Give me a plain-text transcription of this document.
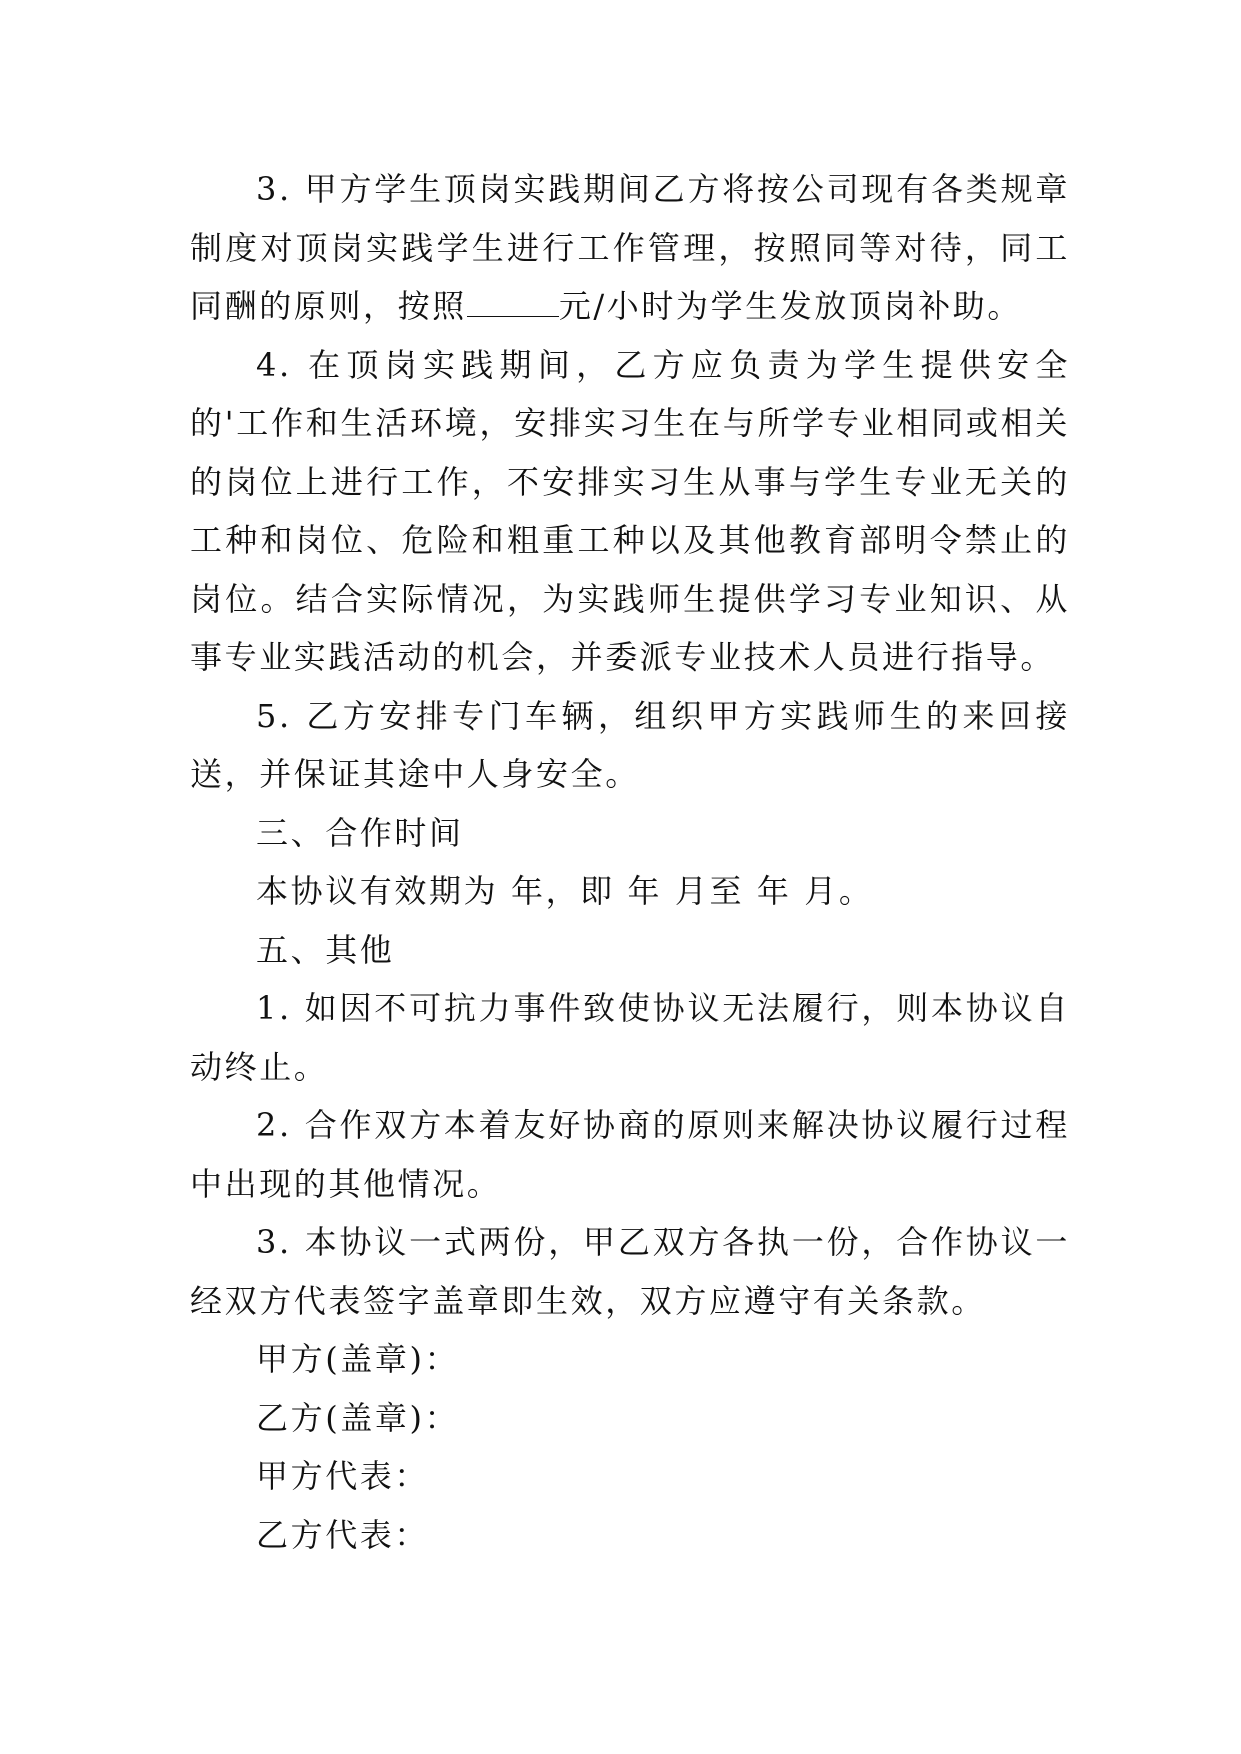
3. 甲方学生顶岗实践期间乙方将按公司现有各类规章制度对顶岗实践学生进行工作管理，按照同等对待，同工同酬的原则，按照	元/小时为学生发放顶岗补助。

4. 在顶岗实践期间，乙方应负责为学生提供安全的'工作和生活环境，安排实习生在与所学专业相同或相关的岗位上进行工作，不安排实习生从事与学生专业无关的工种和岗位、危险和粗重工种以及其他教育部明令禁止的岗位。结合实际情况，为实践师生提供学习专业知识、从事专业实践活动的机会，并委派专业技术人员进行指导。

5. 乙方安排专门车辆，组织甲方实践师生的来回接送，并保证其途中人身安全。

三、合作时间

本协议有效期为 年，即 年 月至 年 月。

五、其他

1. 如因不可抗力事件致使协议无法履行，则本协议自动终止。

2. 合作双方本着友好协商的原则来解决协议履行过程中出现的其他情况。

3. 本协议一式两份，甲乙双方各执一份，合作协议一经双方代表签字盖章即生效，双方应遵守有关条款。

甲方(盖章)：

乙方(盖章)：

甲方代表：

乙方代表：
